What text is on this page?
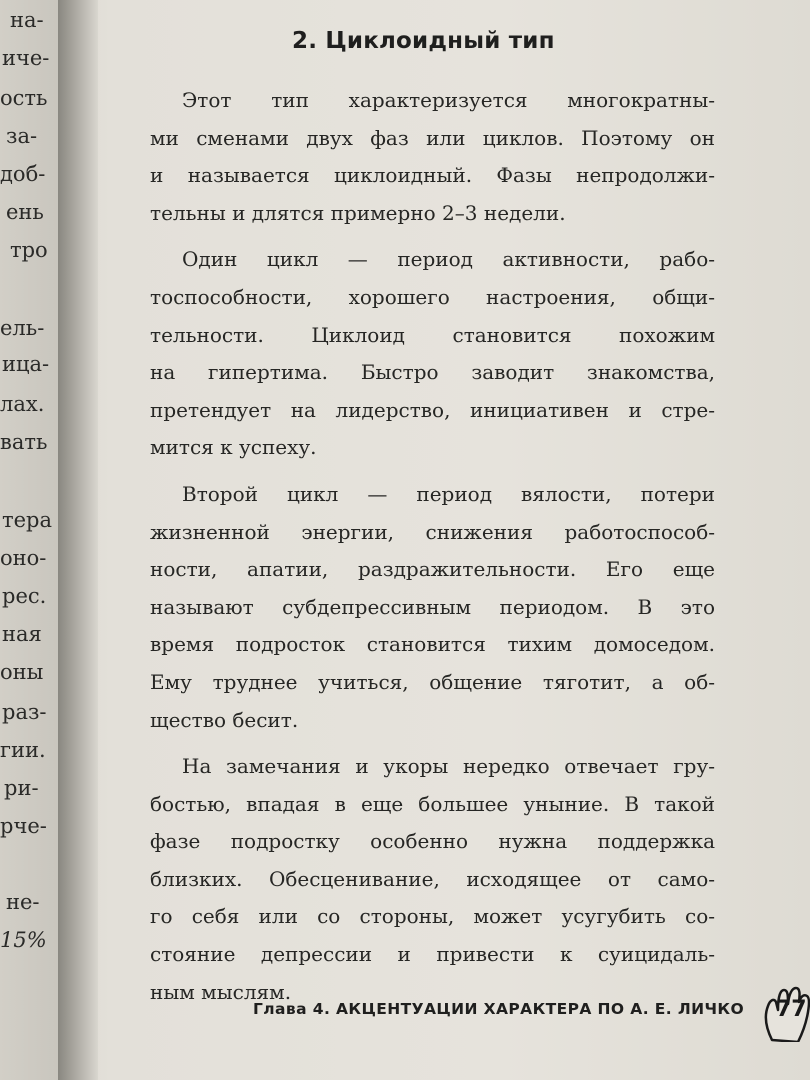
на-
иче-
ость
за-
доб-
ень
тро
ель-
ица-
лах.
вать
тера
оно-
рес.
ная
оны
раз-
гии.
ри-
рче-
не-
15%
2. Циклоидный тип
Этот тип характеризуется многократны-
ми сменами двух фаз или циклов. Поэтому он
и называется циклоидный. Фазы непродолжи-
тельны и длятся примерно 2–3 недели.
Один цикл — период активности, рабо-
тоспособности, хорошего настроения, общи-
тельности. Циклоид становится похожим
на гипертима. Быстро заводит знакомства,
претендует на лидерство, инициативен и стре-
мится к успеху.
Второй цикл — период вялости, потери
жизненной энергии, снижения работоспособ-
ности, апатии, раздражительности. Его еще
называют субдепрессивным периодом. В это
время подросток становится тихим домоседом.
Ему труднее учиться, общение тяготит, а об-
щество бесит.
На замечания и укоры нередко отвечает гру-
бостью, впадая в еще большее уныние. В такой
фазе подростку особенно нужна поддержка
близких. Обесценивание, исходящее от само-
го себя или со стороны, может усугубить со-
стояние депрессии и привести к суицидаль-
ным мыслям.
Глава 4. АКЦЕНТУАЦИИ ХАРАКТЕРА ПО А. Е. ЛИЧКО 77
